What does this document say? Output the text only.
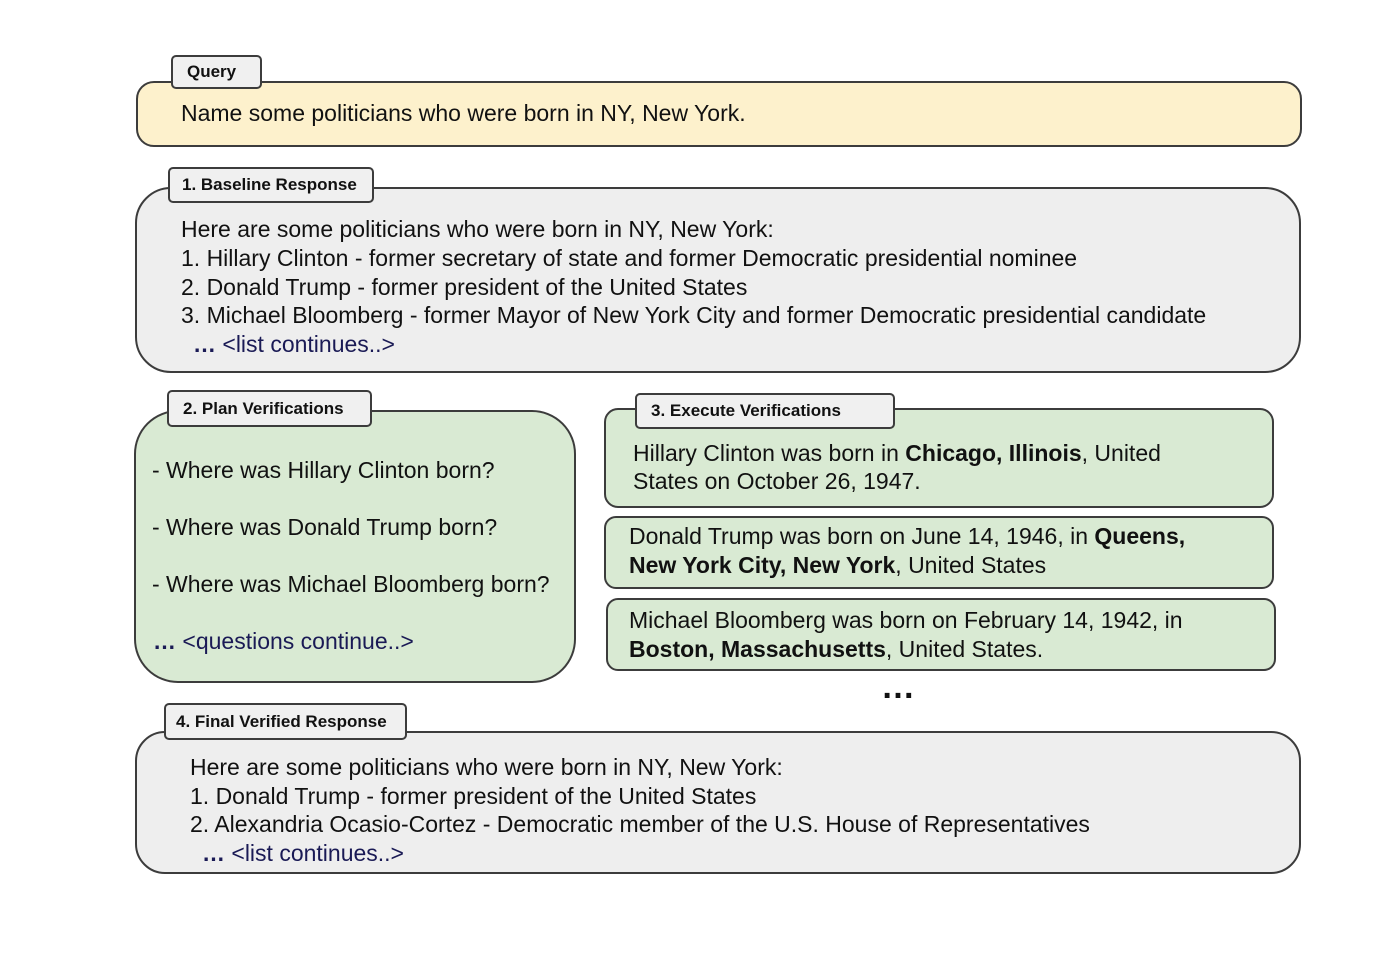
Query
Name some politicians who were born in NY, New York.
1. Baseline Response
Here are some politicians who were born in NY, New York:
1. Hillary Clinton - former secretary of state and former Democratic presidential nominee
2. Donald Trump - former president of the United States
3. Michael Bloomberg - former Mayor of New York City and former Democratic presidential candidate
… <list continues..>
2. Plan Verifications
- Where was Hillary Clinton born?
- Where was Donald Trump born?
- Where was Michael Bloomberg born?
… <questions continue..>
3. Execute Verifications
Hillary Clinton was born in Chicago, Illinois, United
States on October 26, 1947.
Donald Trump was born on June 14, 1946, in Queens,
New York City, New York, United States
Michael Bloomberg was born on February 14, 1942, in
Boston, Massachusetts, United States.
…
4. Final Verified Response
Here are some politicians who were born in NY, New York:
1. Donald Trump - former president of the United States
2. Alexandria Ocasio-Cortez - Democratic member of the U.S. House of Representatives
… <list continues..>
